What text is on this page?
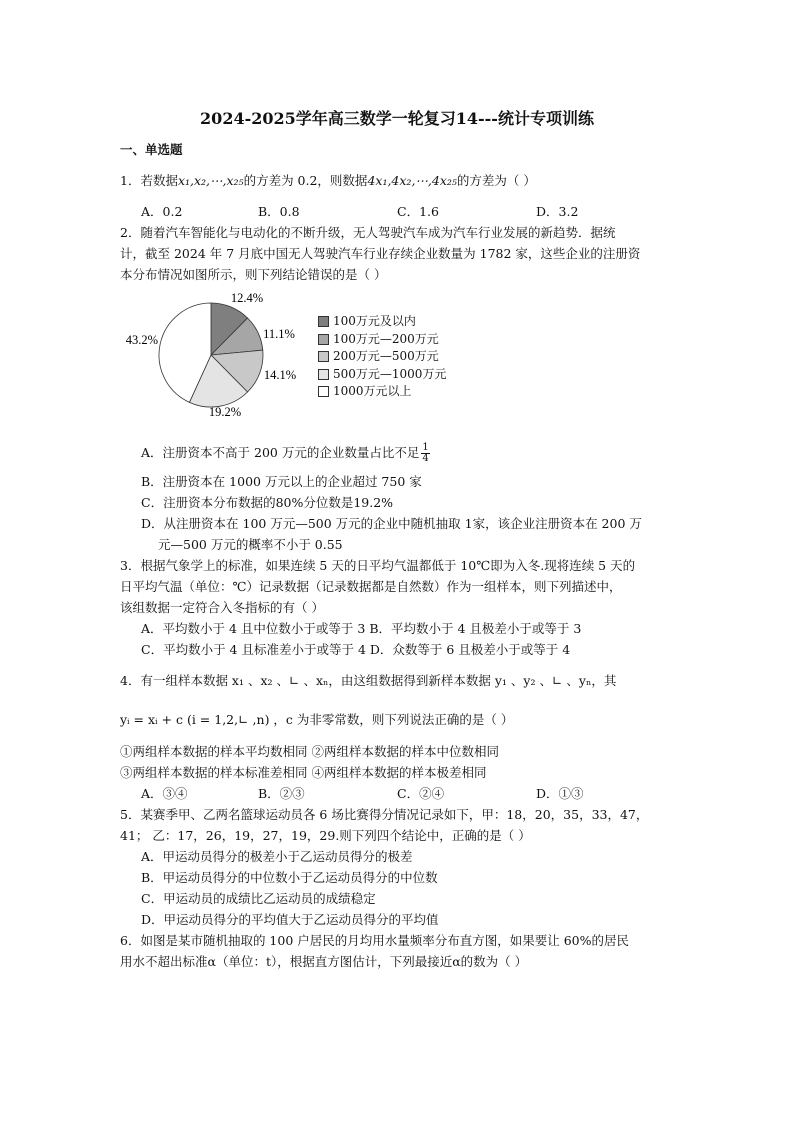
2024-2025学年高三数学一轮复习14---统计专项训练
一、单选题
1．若数据x₁,x₂,⋯,x₂₅的方差为 0.2，则数据4x₁,4x₂,⋯,4x₂₅的方差为（ ）
A．0.2	B．0.8	C．1.6	D．3.2
2．随着汽车智能化与电动化的不断升级，无人驾驶汽车成为汽车行业发展的新趋势．据统
计，截至 2024 年 7 月底中国无人驾驶汽车行业存续企业数量为 1782 家，这些企业的注册资
本分布情况如图所示，则下列结论错误的是（ ）
12.4%
11.1%
14.1%
19.2%
43.2%
100万元及以内
100万元—200万元
200万元—500万元
500万元—1000万元
1000万元以上
A．注册资本不高于 200 万元的企业数量占比不足 $\frac{1}{4}$
B．注册资本在 1000 万元以上的企业超过 750 家
C．注册资本分布数据的80%分位数是19.2%
D．从注册资本在 100 万元—500 万元的企业中随机抽取 1家，该企业注册资本在 200 万
元—500 万元的概率不小于 0.55
3．根据气象学上的标准，如果连续 5 天的日平均气温都低于 10℃即为入冬.现将连续 5 天的
日平均气温（单位：℃）记录数据（记录数据都是自然数）作为一组样本，则下列描述中，
该组数据一定符合入冬指标的有（ ）
A．平均数小于 4 且中位数小于或等于 3 B．平均数小于 4 且极差小于或等于 3
C．平均数小于 4 且标准差小于或等于 4 D．众数等于 6 且极差小于或等于 4
4．有一组样本数据 x₁ 、x₂ 、∟ 、xₙ，由这组数据得到新样本数据 y₁ 、y₂ 、∟ 、yₙ，其
yᵢ = xᵢ + c (i = 1,2,∟ ,n) ，c 为非零常数，则下列说法正确的是（ ）
①两组样本数据的样本平均数相同 ②两组样本数据的样本中位数相同
③两组样本数据的样本标准差相同 ④两组样本数据的样本极差相同
A．③④	B．②③	C．②④	D．①③
5．某赛季甲、乙两名篮球运动员各 6 场比赛得分情况记录如下，甲：18，20，35，33，47，
41； 乙：17，26，19，27，19，29.则下列四个结论中，正确的是（ ）
A．甲运动员得分的极差小于乙运动员得分的极差
B．甲运动员得分的中位数小于乙运动员得分的中位数
C．甲运动员的成绩比乙运动员的成绩稳定
D．甲运动员得分的平均值大于乙运动员得分的平均值
6．如图是某市随机抽取的 100 户居民的月均用水量频率分布直方图，如果要让 60%的居民
用水不超出标准α（单位：t），根据直方图估计，下列最接近α的数为（ ）
